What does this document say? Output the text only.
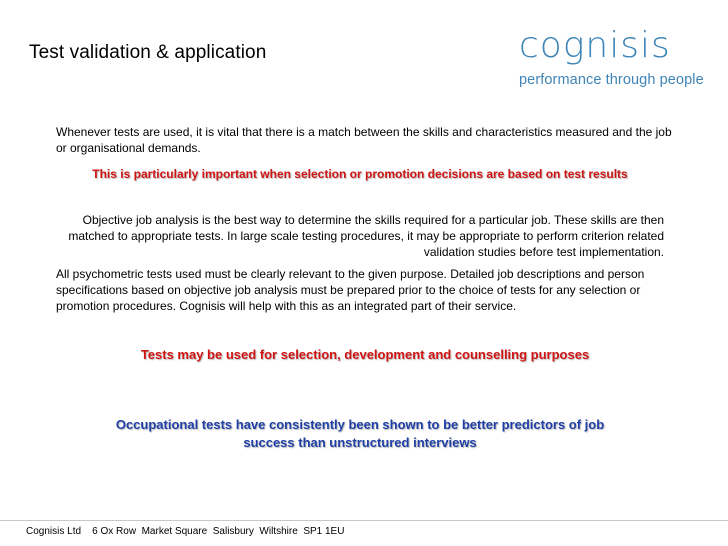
Test validation & application	cognisis
performance through people
Whenever tests are used, it is vital that there is a match between the skills and characteristics measured and the job or organisational demands.
This is particularly important when selection or promotion decisions are based on test results
Objective job analysis is the best way to determine the skills required for a particular job. These skills are then matched to appropriate tests. In large scale testing procedures, it may be appropriate to perform criterion related validation studies before test implementation.
All psychometric tests used must be clearly relevant to the given purpose. Detailed job descriptions and person specifications based on objective job analysis must be prepared prior to the choice of tests for any selection or promotion procedures. Cognisis will help with this as an integrated part of their service.
Tests may be used for selection, development and counselling purposes
Occupational tests have consistently been shown to be better predictors of job success than unstructured interviews
Cognisis Ltd    6 Ox Row  Market Square  Salisbury  Wiltshire  SP1 1EU
